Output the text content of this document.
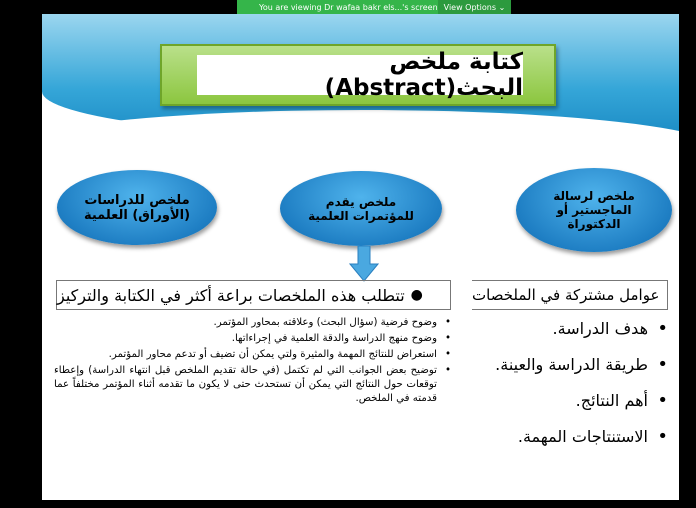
You are viewing Dr wafaa bakr els...'s screen View Options
⌄
كتابة ملخص البحث(Abstract)
ملخص للدراسات (الأوراق) العلمية
ملخص يقدم للمؤتمرات العلمية
ملخص لرسالة الماجستير أو الدكتوراة
●
تتطلب هذه الملخصات براعة أكثر في الكتابة والتركيز	عوامل مشتركة في الملخصات
• وضوح فرضية (سؤال البحث) وعلاقته بمحاور المؤتمر.
• وضوح منهج الدراسة والدقة العلمية في إجراءاتها.
• استعراض للنتائج المهمة والمثيرة ولتي يمكن أن تضيف أو تدعم محاور المؤتمر.
• توضيح بعض الجوانب التي لم تكتمل (في حالة تقديم الملخص قبل انتهاء الدراسة) وإعطاء توقعات حول النتائج التي يمكن أن تستحدث حتى لا يكون ما تقدمه أثناء المؤتمر مختلفاً عما قدمته في الملخص.
• هدف الدراسة.
• طريقة الدراسة والعينة.
• أهم النتائج.
• الاستنتاجات المهمة.
